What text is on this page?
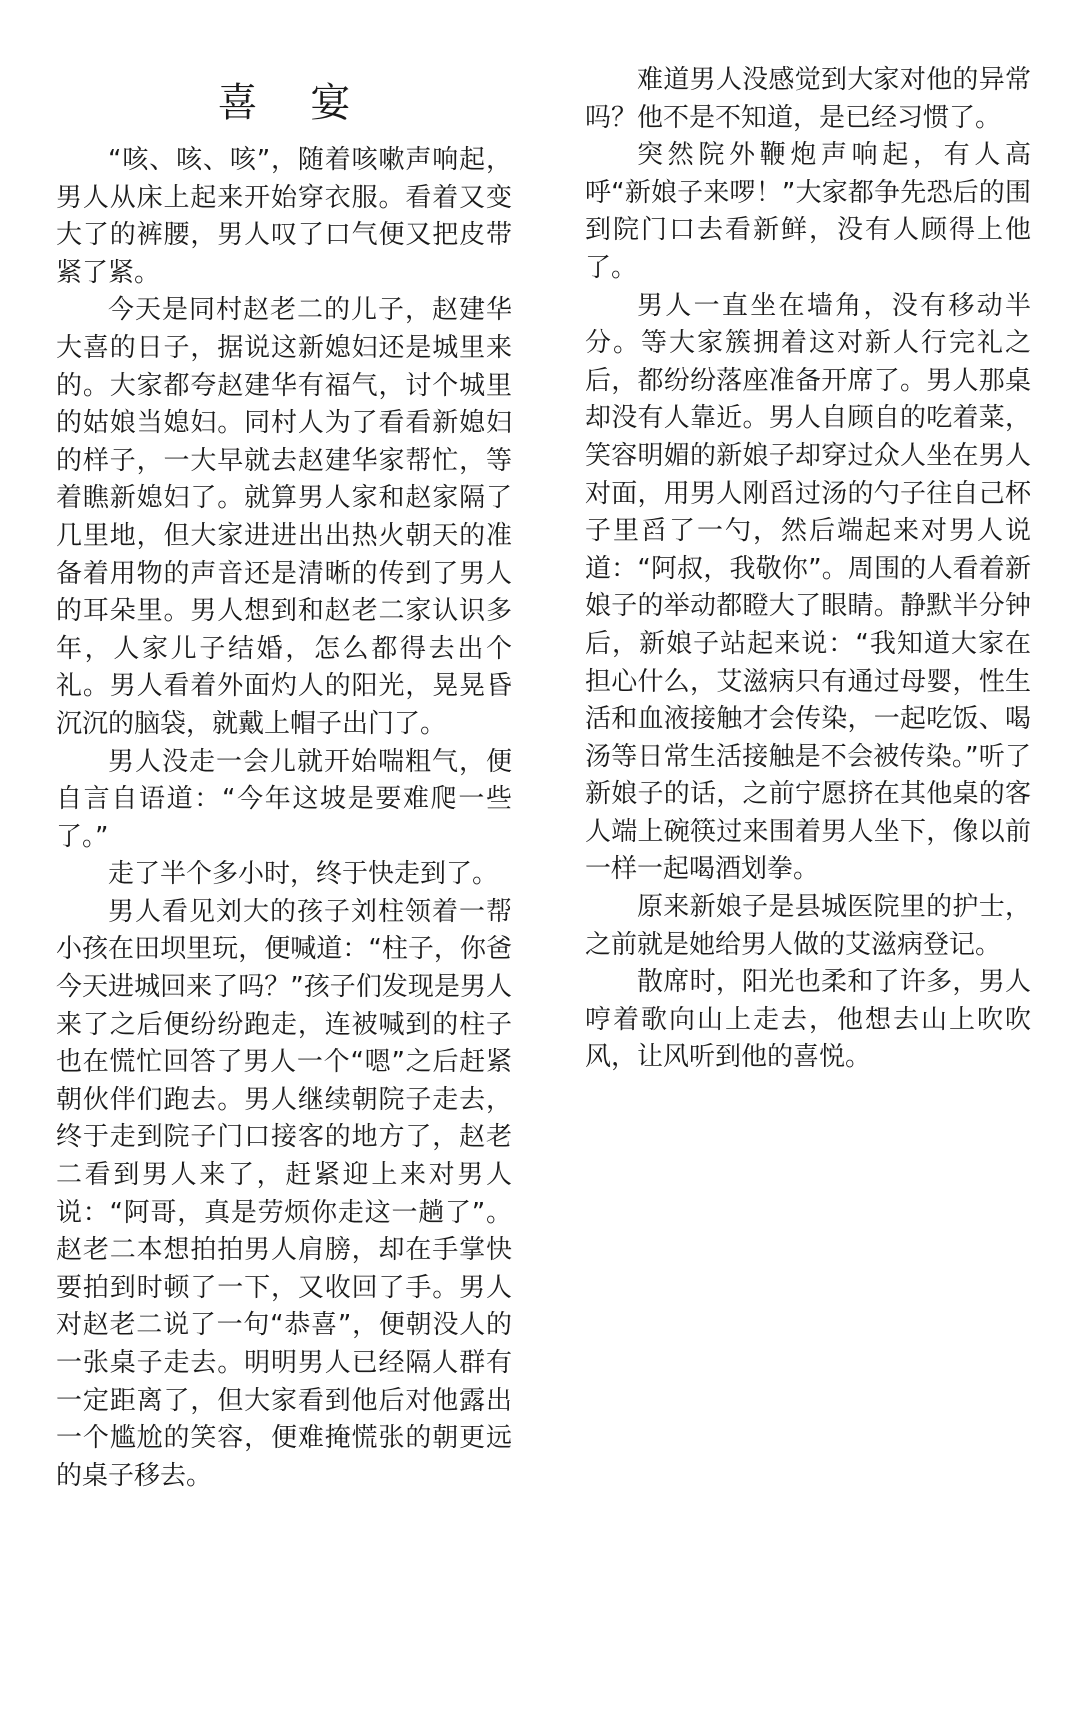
喜 宴

“咳、咳、咳”，随着咳嗽声响起，男人从床上起来开始穿衣服。看着又变大了的裤腰，男人叹了口气便又把皮带紧了紧。

今天是同村赵老二的儿子，赵建华大喜的日子，据说这新媳妇还是城里来的。大家都夸赵建华有福气，讨个城里的姑娘当媳妇。同村人为了看看新媳妇的样子，一大早就去赵建华家帮忙，等着瞧新媳妇了。就算男人家和赵家隔了几里地，但大家进进出出热火朝天的准备着用物的声音还是清晰的传到了男人的耳朵里。男人想到和赵老二家认识多年，人家儿子结婚，怎么都得去出个礼。男人看着外面灼人的阳光，晃晃昏沉沉的脑袋，就戴上帽子出门了。

男人没走一会儿就开始喘粗气，便自言自语道：“今年这坡是要难爬一些了。”

走了半个多小时，终于快走到了。

男人看见刘大的孩子刘柱领着一帮小孩在田坝里玩，便喊道：“柱子，你爸今天进城回来了吗？”孩子们发现是男人来了之后便纷纷跑走，连被喊到的柱子也在慌忙回答了男人一个“嗯”之后赶紧朝伙伴们跑去。男人继续朝院子走去，终于走到院子门口接客的地方了，赵老二看到男人来了，赶紧迎上来对男人说：“阿哥，真是劳烦你走这一趟了”。赵老二本想拍拍男人肩膀，却在手掌快要拍到时顿了一下，又收回了手。男人对赵老二说了一句“恭喜”，便朝没人的一张桌子走去。明明男人已经隔人群有一定距离了，但大家看到他后对他露出一个尴尬的笑容，便难掩慌张的朝更远的桌子移去。

难道男人没感觉到大家对他的异常吗？他不是不知道，是已经习惯了。

突然院外鞭炮声响起，有人高呼“新娘子来啰！”大家都争先恐后的围到院门口去看新鲜，没有人顾得上他了。

男人一直坐在墙角，没有移动半分。等大家簇拥着这对新人行完礼之后，都纷纷落座准备开席了。男人那桌却没有人靠近。男人自顾自的吃着菜，笑容明媚的新娘子却穿过众人坐在男人对面，用男人刚舀过汤的勺子往自己杯子里舀了一勺，然后端起来对男人说道：“阿叔，我敬你”。周围的人看着新娘子的举动都瞪大了眼睛。静默半分钟后，新娘子站起来说：“我知道大家在担心什么，艾滋病只有通过母婴，性生活和血液接触才会传染，一起吃饭、喝汤等日常生活接触是不会被传染。”听了新娘子的话，之前宁愿挤在其他桌的客人端上碗筷过来围着男人坐下，像以前一样一起喝酒划拳。

原来新娘子是县城医院里的护士，之前就是她给男人做的艾滋病登记。

散席时，阳光也柔和了许多，男人哼着歌向山上走去，他想去山上吹吹风，让风听到他的喜悦。
